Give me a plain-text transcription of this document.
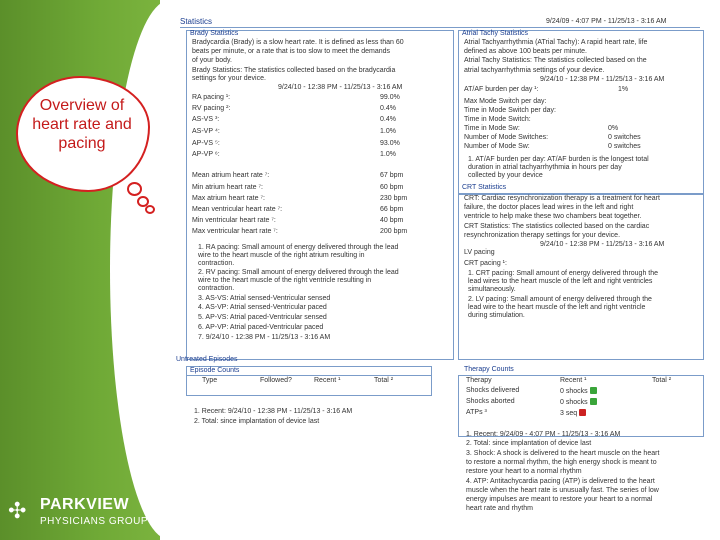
✣ PARKVIEW
PHYSICIANS GROUP
Overview of heart rate and pacing
Statistics	9/24/09 - 4:07 PM - 11/25/13 - 3:16 AM
Brady Statistics
Bradycardia (Brady) is a slow heart rate. It is defined as less than 60
beats per minute, or a rate that is too slow to meet the demands
of your body.
Brady Statistics: The statistics collected based on the bradycardia
settings for your device.
9/24/10 - 12:38 PM - 11/25/13 - 3:16 AM
RA pacing ¹:	99.0%
RV pacing ²:	0.4%
AS-VS ³:	0.4%
AS-VP ⁴:	1.0%
AP-VS ⁵:	93.0%
AP-VP ⁶:	1.0%
Mean atrium heart rate ⁷:	67 bpm
Min atrium heart rate ⁷:	60 bpm
Max atrium heart rate ⁷:	230 bpm
Mean ventricular heart rate ⁷:	66 bpm
Min ventricular heart rate ⁷:	40 bpm
Max ventricular heart rate ⁷:	200 bpm
1. RA pacing: Small amount of energy delivered through the lead
wire to the heart muscle of the right atrium resulting in
contraction.
2. RV pacing: Small amount of energy delivered through the lead
wire to the heart muscle of the right ventricle resulting in
contraction.
3. AS-VS: Atrial sensed-Ventricular sensed
4. AS-VP: Atrial sensed-Ventricular paced
5. AP-VS: Atrial paced-Ventricular sensed
6. AP-VP: Atrial paced-Ventricular paced
7. 9/24/10 - 12:38 PM - 11/25/13 - 3:16 AM
Atrial Tachy Statistics
Atrial Tachyarrhythmia (ATrial Tachy): A rapid heart rate, life
defined as above 100 beats per minute.
Atrial Tachy Statistics: The statistics collected based on the
atrial tachyarrhythmia settings of your device.
9/24/10 - 12:38 PM - 11/25/13 - 3:16 AM
AT/AF burden per day ¹:	1%
Max Mode Switch per day:
Time in Mode Switch per day:
Time in Mode Switch:
Time in Mode Sw:	0%
Number of Mode Switches:	0 switches
Number of Mode Sw:	0 switches
1. AT/AF burden per day: AT/AF burden is the longest total
duration in atrial tachyarrhythmia in hours per day
collected by your device
CRT Statistics
CRT: Cardiac resynchronization therapy is a treatment for heart
failure, the doctor places lead wires in the left and right
ventricle to help make these two chambers beat together.
CRT Statistics: The statistics collected based on the cardiac
resynchronization therapy settings for your device.
9/24/10 - 12:38 PM - 11/25/13 - 3:16 AM
LV pacing
CRT pacing ¹:
1. CRT pacing: Small amount of energy delivered through the
lead wires to the heart muscle of the left and right ventricles
simultaneously.
2. LV pacing: Small amount of energy delivered through the
lead wire to the heart muscle of the left and right ventricle
during stimulation.
Untreated Episodes
Episode Counts
Type	Followed?	Recent ¹	Total ²
1. Recent: 9/24/10 - 12:38 PM - 11/25/13 - 3:16 AM
2. Total: since implantation of device last
Therapy Counts
Therapy	Recent ¹	Total ²
Shocks delivered	0 shocks
Shocks aborted	0 shocks
ATPs ³	3 seq
1. Recent: 9/24/09 - 4:07 PM - 11/25/13 - 3:16 AM
2. Total: since implantation of device last
3. Shock: A shock is delivered to the heart muscle on the heart
to restore a normal rhythm, the high energy shock is meant to
restore your heart to a normal rhythm
4. ATP: Antitachycardia pacing (ATP) is delivered to the heart
muscle when the heart rate is unusually fast. The series of low
energy impulses are meant to restore your heart to a normal
heart rate and rhythm
